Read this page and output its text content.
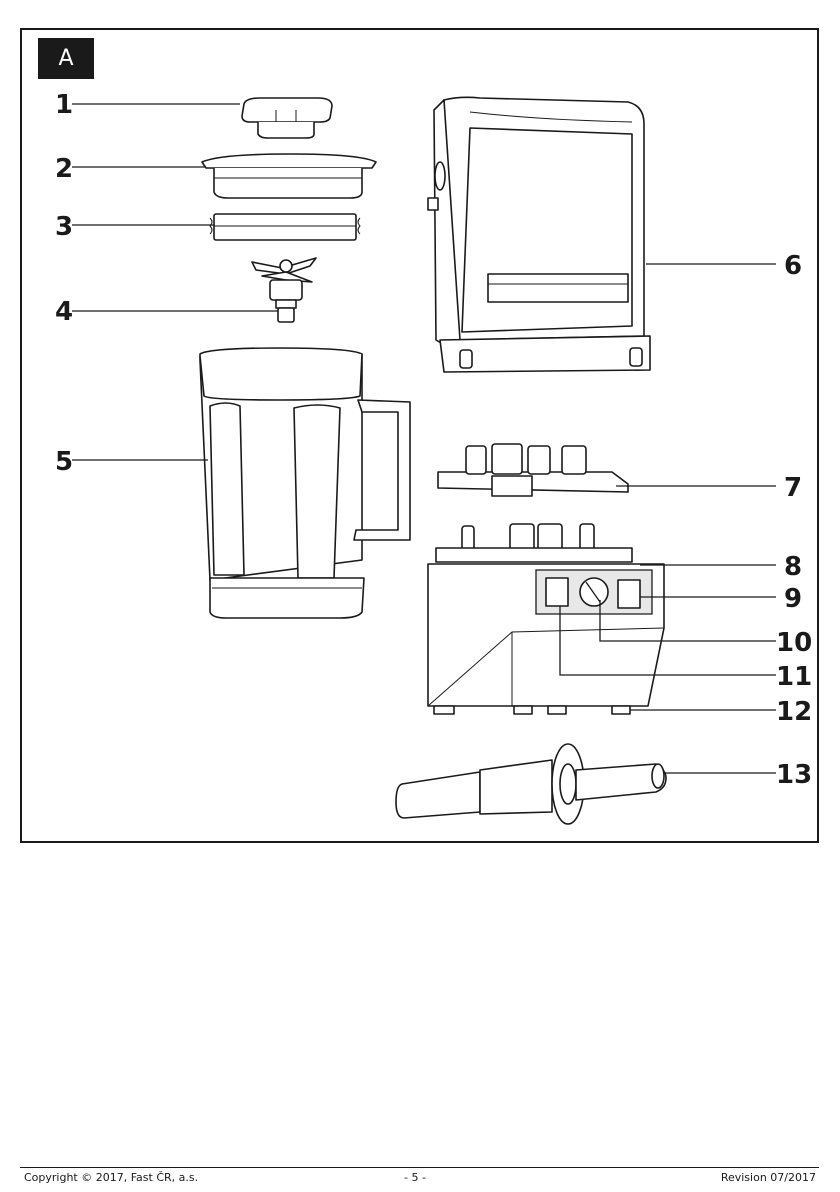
A
1
2
3
4
5
6
7
8
9
10
11
12
13
Copyright © 2017, Fast ČR, a.s.	- 5 -	Revision 07/2017
